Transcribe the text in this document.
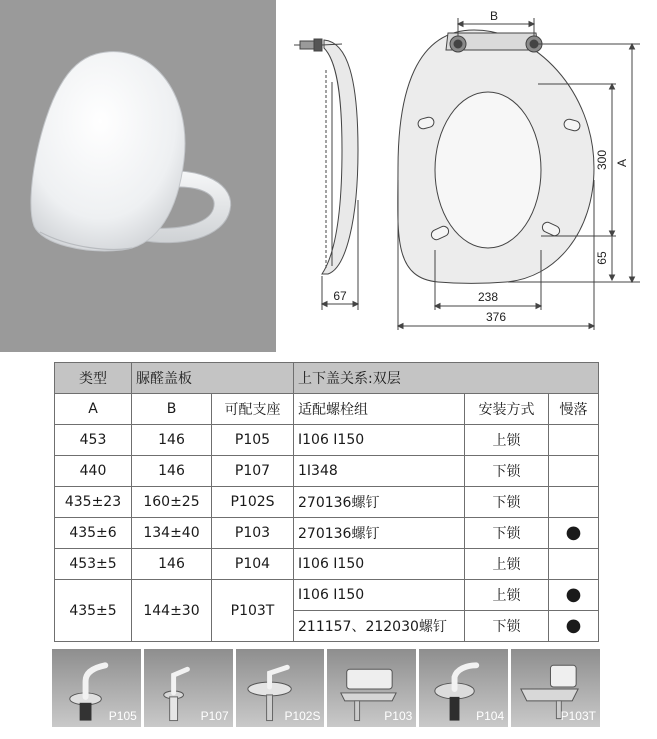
B
A
300
65
67	238
376
类型	脲醛盖板		上下盖关系:双层		
A	B	可配支座	适配螺栓组	安装方式	慢落
453	146	P105	I106 I150	上锁	
440	146	P107	1I348	下锁	
435±23	160±25	P102S	270136螺钉	下锁	
435±6	134±40	P103	270136螺钉	下锁	●
453±5	146	P104	I106 I150	上锁	
435±5	144±30	P103T	I106 I150	上锁	●
			211157、212030螺钉	下锁	●
P105	P107	P102S	P103	P104	P103T
